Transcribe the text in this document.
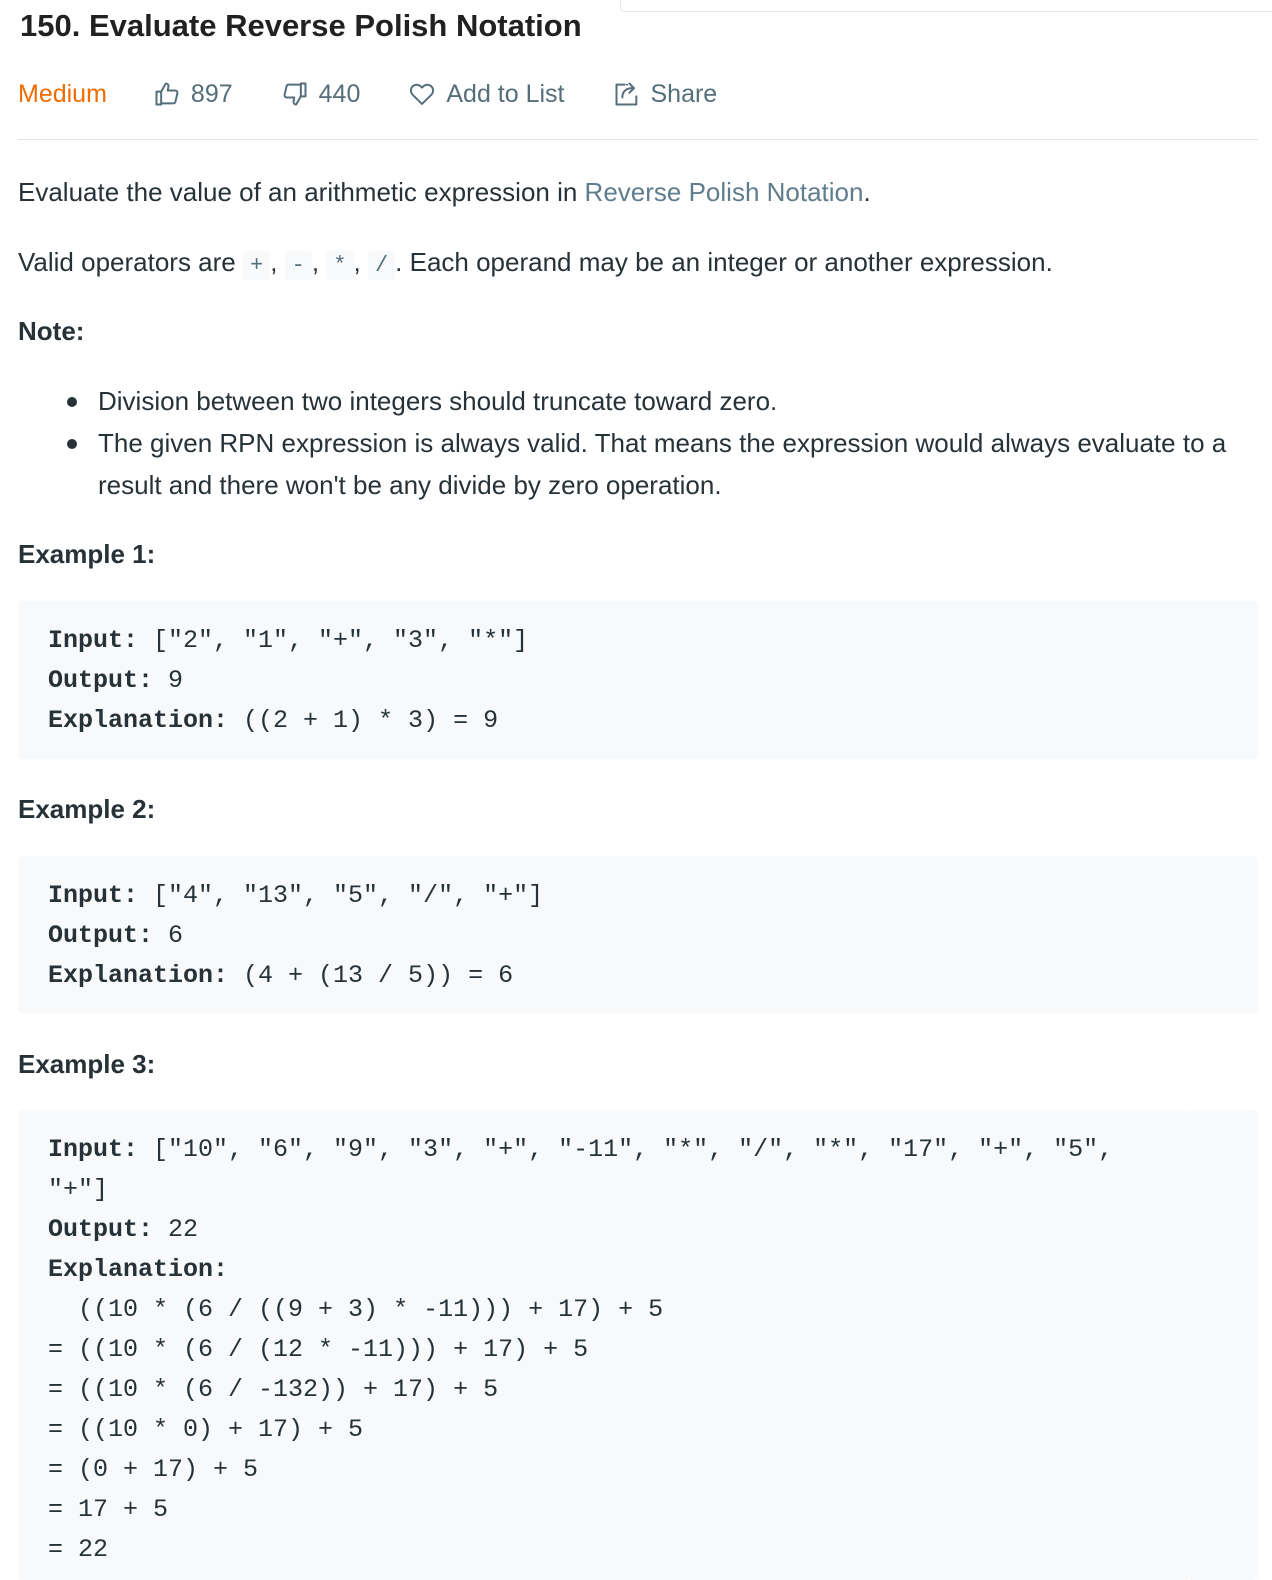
150. Evaluate Reverse Polish Notation
Medium	897	440	Add to List	Share

Evaluate the value of an arithmetic expression in Reverse Polish Notation.

Valid operators are + , - , * , / . Each operand may be an integer or another expression.

Note:

Division between two integers should truncate toward zero.
The given RPN expression is always valid. That means the expression would always evaluate to a result and there won't be any divide by zero operation.

Example 1:

Input: ["2", "1", "+", "3", "*"]
Output: 9
Explanation: ((2 + 1) * 3) = 9

Example 2:

Input: ["4", "13", "5", "/", "+"]
Output: 6
Explanation: (4 + (13 / 5)) = 6

Example 3:

Input: ["10", "6", "9", "3", "+", "-11", "*", "/", "*", "17", "+", "5", "+"]
Output: 22
Explanation:
((10 * (6 / ((9 + 3) * -11))) + 17) + 5
= ((10 * (6 / (12 * -11))) + 17) + 5
= ((10 * (6 / -132)) + 17) + 5
= ((10 * 0) + 17) + 5
= (0 + 17) + 5
= 17 + 5
= 22
